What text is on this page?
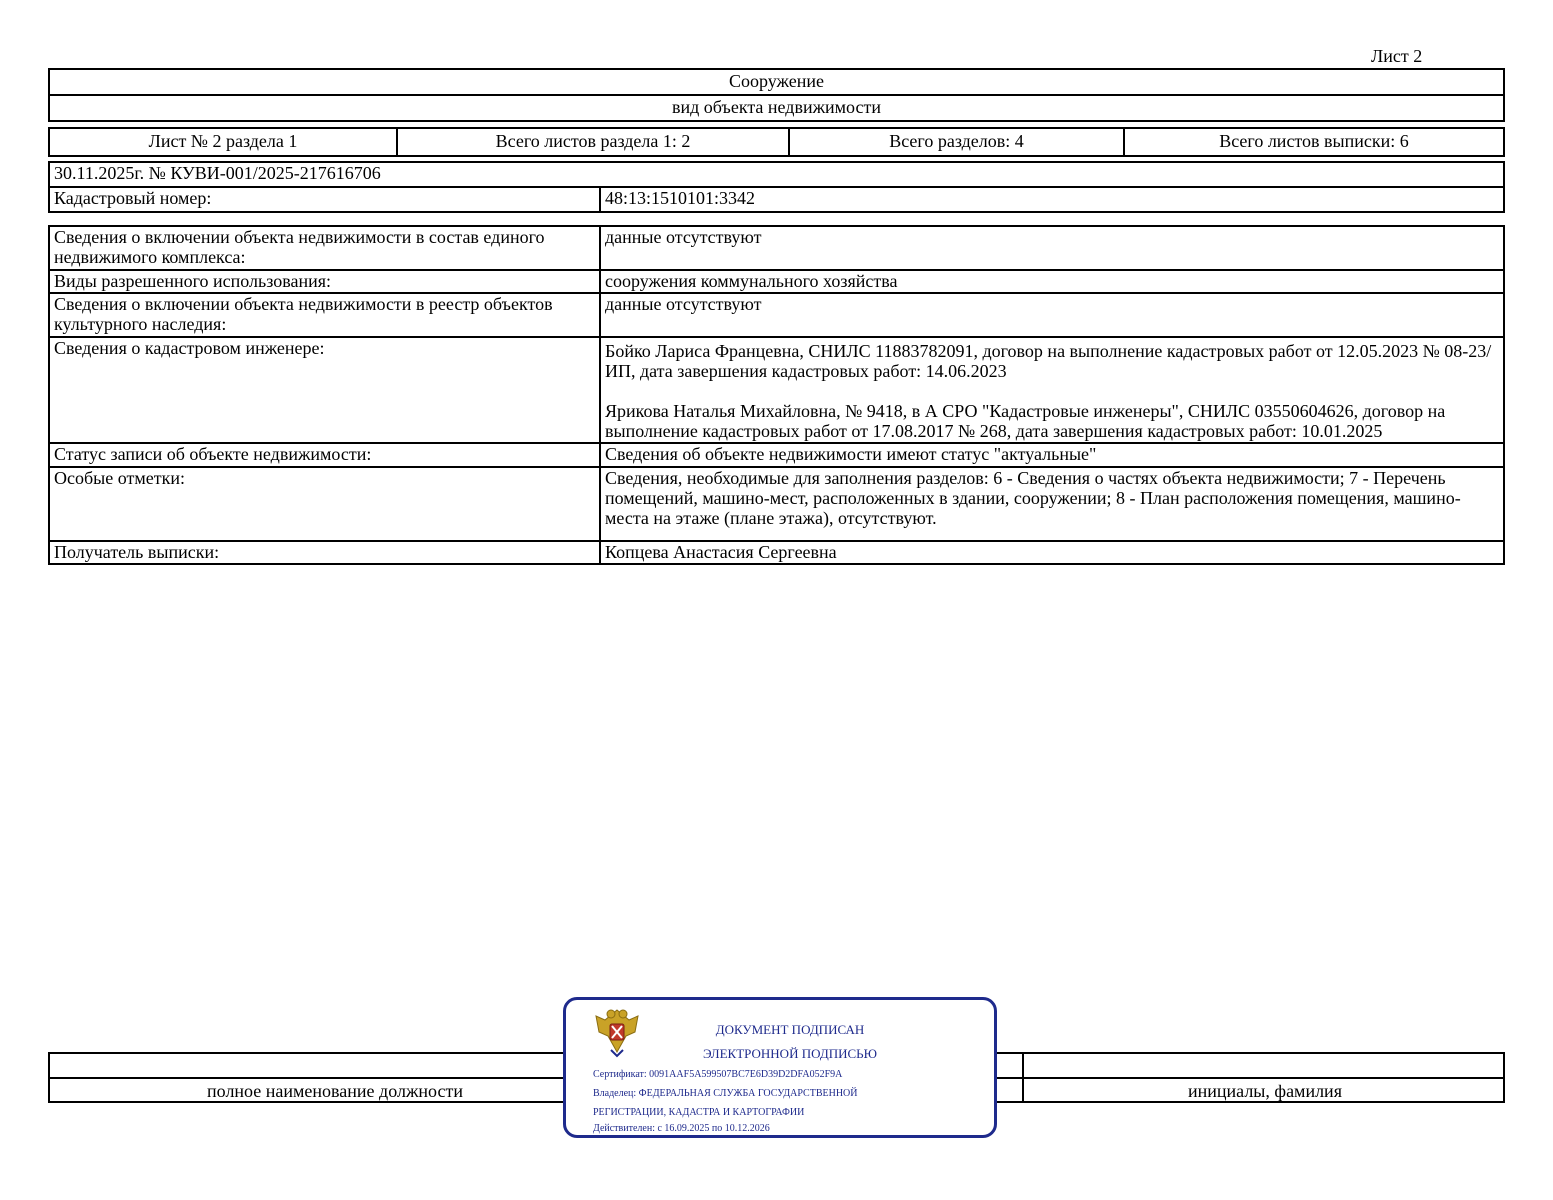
Лист 2
Сооружение
вид объекта недвижимости
Лист № 2 раздела 1	Всего листов раздела 1: 2	Всего разделов: 4	Всего листов выписки: 6
30.11.2025г. № КУВИ-001/2025-217616706
Кадастровый номер:	48:13:1510101:3342
Сведения о включении объекта недвижимости в состав единого недвижимого комплекса:	данные отсутствуют
Виды разрешенного использования:	сооружения коммунального хозяйства
Сведения о включении объекта недвижимости в реестр объектов культурного наследия:	данные отсутствуют
Сведения о кадастровом инженере:	Бойко Лариса Францевна, СНИЛС 11883782091, договор на выполнение кадастровых работ от 12.05.2023 № 08-23/ИП, дата завершения кадастровых работ: 14.06.2023
Ярикова Наталья Михайловна, № 9418, в А СРО "Кадастровые инженеры", СНИЛС 03550604626, договор на выполнение кадастровых работ от 17.08.2017 № 268, дата завершения кадастровых работ: 10.01.2025

Статус записи об объекте недвижимости:	Сведения об объекте недвижимости имеют статус "актуальные"
Особые отметки:	Сведения, необходимые для заполнения разделов: 6 - Сведения о частях объекта недвижимости; 7 - Перечень помещений, машино-мест, расположенных в здании, сооружении; 8 - План расположения помещения, машино-места на этаже (плане этажа), отсутствуют.
Получатель выписки:	Копцева Анастасия Сергеевна
полное наименование должности	инициалы, фамилия
ДОКУМЕНТ ПОДПИСАН
ЭЛЕКТРОННОЙ ПОДПИСЬЮ
Сертификат: 0091AAF5A599507BC7E6D39D2DFA052F9A
Владелец: ФЕДЕРАЛЬНАЯ СЛУЖБА ГОСУДАРСТВЕННОЙ
РЕГИСТРАЦИИ, КАДАСТРА И КАРТОГРАФИИ
Действителен: с 16.09.2025 по 10.12.2026
